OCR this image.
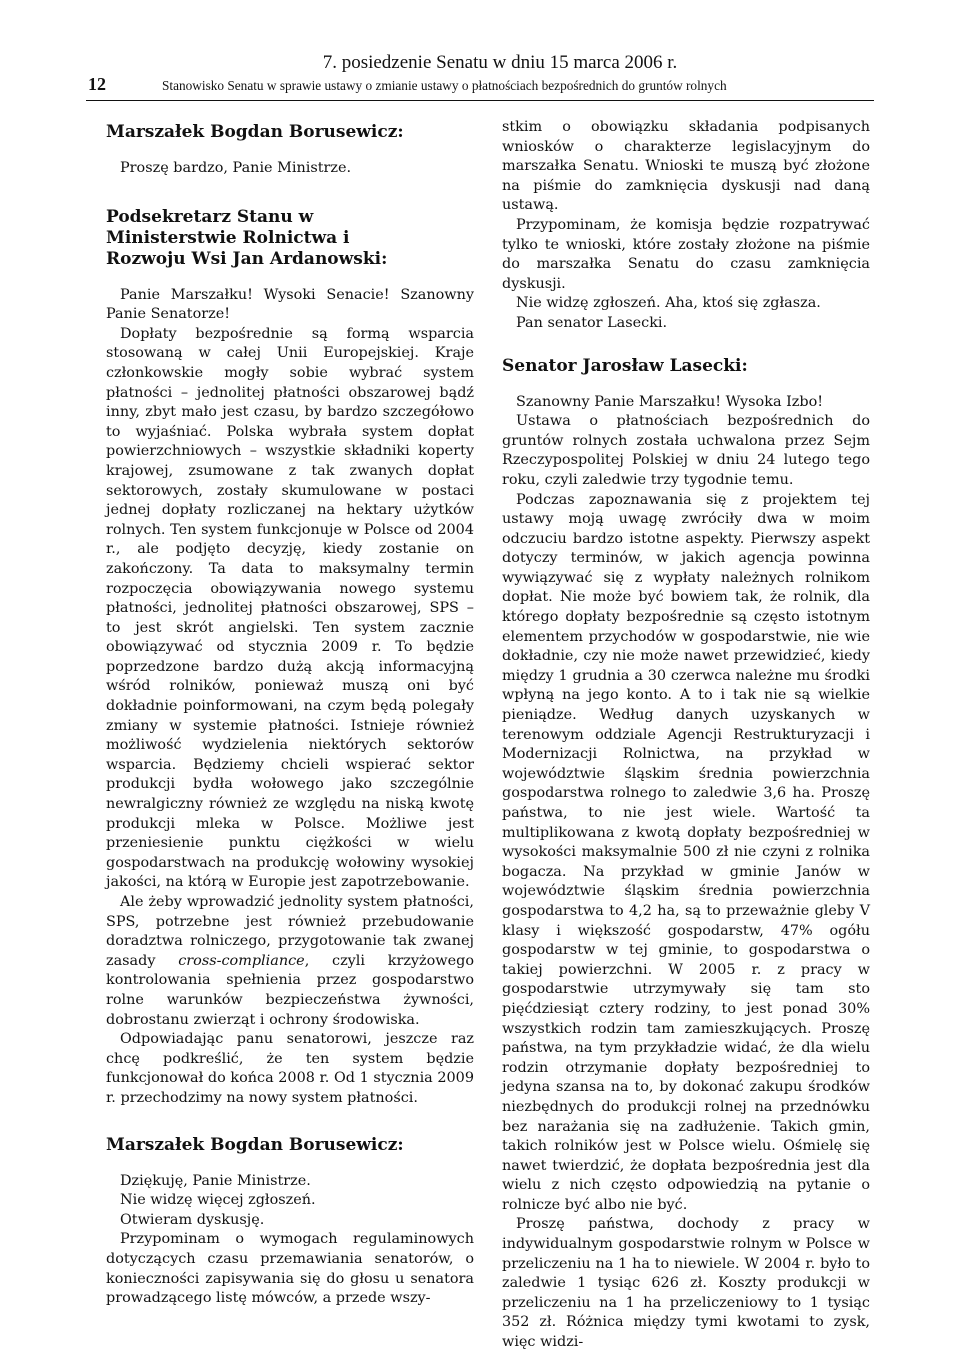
7. posiedzenie Senatu w dniu 15 marca 2006 r.
12	Stanowisko Senatu w sprawie ustawy o zmianie ustawy o płatnościach bezpośrednich do gruntów rolnych
Marszałek Bogdan Borusewicz:

Proszę bardzo, Panie Ministrze.

Podsekretarz Stanu w Ministerstwie Rolnictwa i Rozwoju Wsi Jan Ardanowski:

Panie Marszałku! Wysoki Senacie! Szanowny Panie Senatorze!

Dopłaty bezpośrednie są formą wsparcia stosowaną w całej Unii Europejskiej. Kraje członkowskie mogły sobie wybrać system płatności – jednolitej płatności obszarowej bądź inny, zbyt mało jest czasu, by bardzo szczegółowo to wyjaśniać. Polska wybrała system dopłat powierzchniowych – wszystkie składniki koperty krajowej, zsumowane z tak zwanych dopłat sektorowych, zostały skumulowane w postaci jednej dopłaty rozliczanej na hektary użytków rolnych. Ten system funkcjonuje w Polsce od 2004 r., ale podjęto decyzję, kiedy zostanie on zakończony. Ta data to maksymalny termin rozpoczęcia obowiązywania nowego systemu płatności, jednolitej płatności obszarowej, SPS – to jest skrót angielski. Ten system zacznie obowiązywać od stycznia 2009 r. To będzie poprzedzone bardzo dużą akcją informacyjną wśród rolników, ponieważ muszą oni być dokładnie poinformowani, na czym będą polegały zmiany w systemie płatności. Istnieje również możliwość wydzielenia niektórych sektorów wsparcia. Będziemy chcieli wspierać sektor produkcji bydła wołowego jako szczególnie newralgiczny również ze względu na niską kwotę produkcji mleka w Polsce. Możliwe jest przeniesienie punktu ciężkości w wielu gospodarstwach na produkcję wołowiny wysokiej jakości, na którą w Europie jest zapotrzebowanie.

Ale żeby wprowadzić jednolity system płatności, SPS, potrzebne jest również przebudowanie doradztwa rolniczego, przygotowanie tak zwanej zasady cross-compliance, czyli krzyżowego kontrolowania spełnienia przez gospodarstwo rolne warunków bezpieczeństwa żywności, dobrostanu zwierząt i ochrony środowiska.

Odpowiadając panu senatorowi, jeszcze raz chcę podkreślić, że ten system będzie funkcjonował do końca 2008 r. Od 1 stycznia 2009 r. przechodzimy na nowy system płatności.

Marszałek Bogdan Borusewicz:

Dziękuję, Panie Ministrze.

Nie widzę więcej zgłoszeń.

Otwieram dyskusję.

Przypominam o wymogach regulaminowych dotyczących czasu przemawiania senatorów, o konieczności zapisywania się do głosu u senatora prowadzącego listę mówców, a przede wszy-

stkim o obowiązku składania podpisanych wniosków o charakterze legislacyjnym do marszałka Senatu. Wnioski te muszą być złożone na piśmie do zamknięcia dyskusji nad daną ustawą.

Przypominam, że komisja będzie rozpatrywać tylko te wnioski, które zostały złożone na piśmie do marszałka Senatu do czasu zamknięcia dyskusji.

Nie widzę zgłoszeń. Aha, ktoś się zgłasza.

Pan senator Lasecki.

Senator Jarosław Lasecki:

Szanowny Panie Marszałku! Wysoka Izbo!

Ustawa o płatnościach bezpośrednich do gruntów rolnych została uchwalona przez Sejm Rzeczypospolitej Polskiej w dniu 24 lutego tego roku, czyli zaledwie trzy tygodnie temu.

Podczas zapoznawania się z projektem tej ustawy moją uwagę zwróciły dwa w moim odczuciu bardzo istotne aspekty. Pierwszy aspekt dotyczy terminów, w jakich agencja powinna wywiązywać się z wypłaty należnych rolnikom dopłat. Nie może być bowiem tak, że rolnik, dla którego dopłaty bezpośrednie są często istotnym elementem przychodów w gospodarstwie, nie wie dokładnie, czy nie może nawet przewidzieć, kiedy między 1 grudnia a 30 czerwca należne mu środki wpłyną na jego konto. A to i tak nie są wielkie pieniądze. Według danych uzyskanych w terenowym oddziale Agencji Restrukturyzacji i Modernizacji Rolnictwa, na przykład w województwie śląskim średnia powierzchnia gospodarstwa rolnego to zaledwie 3,6 ha. Proszę państwa, to nie jest wiele. Wartość ta multiplikowana z kwotą dopłaty bezpośredniej w wysokości maksymalnie 500 zł nie czyni z rolnika bogacza. Na przykład w gminie Janów w województwie śląskim średnia powierzchnia gospodarstwa to 4,2 ha, są to przeważnie gleby V klasy i większość gospodarstw, 47% ogółu gospodarstw w tej gminie, to gospodarstwa o takiej powierzchni. W 2005 r. z pracy w gospodarstwie utrzymywały się tam sto pięćdziesiąt cztery rodziny, to jest ponad 30% wszystkich rodzin tam zamieszkujących. Proszę państwa, na tym przykładzie widać, że dla wielu rodzin otrzymanie dopłaty bezpośredniej to jedyna szansa na to, by dokonać zakupu środków niezbędnych do produkcji rolnej na przednówku bez narażania się na zadłużenie. Takich gmin, takich rolników jest w Polsce wielu. Ośmielę się nawet twierdzić, że dopłata bezpośrednia jest dla wielu z nich często odpowiedzią na pytanie o rolnicze być albo nie być.

Proszę państwa, dochody z pracy w indywidualnym gospodarstwie rolnym w Polsce w przeliczeniu na 1 ha to niewiele. W 2004 r. było to zaledwie 1 tysiąc 626 zł. Koszty produkcji w przeliczeniu na 1 ha przeliczeniowy to 1 tysiąc 352 zł. Różnica między tymi kwotami to zysk, więc widzi-
